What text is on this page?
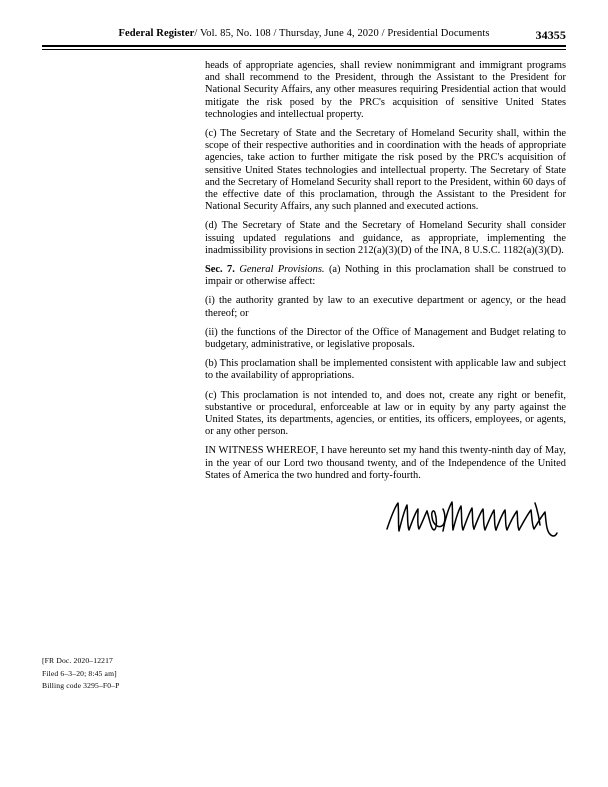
Federal Register/ Vol. 85, No. 108 / Thursday, June 4, 2020 / Presidential Documents	34355

heads of appropriate agencies, shall review nonimmigrant and immigrant programs and shall recommend to the President, through the Assistant to the President for National Security Affairs, any other measures requiring Presidential action that would mitigate the risk posed by the PRC's acquisition of sensitive United States technologies and intellectual property.

(c) The Secretary of State and the Secretary of Homeland Security shall, within the scope of their respective authorities and in coordination with the heads of appropriate agencies, take action to further mitigate the risk posed by the PRC's acquisition of sensitive United States technologies and intellectual property. The Secretary of State and the Secretary of Homeland Security shall report to the President, within 60 days of the effective date of this proclamation, through the Assistant to the President for National Security Affairs, any such planned and executed actions.

(d) The Secretary of State and the Secretary of Homeland Security shall consider issuing updated regulations and guidance, as appropriate, implementing the inadmissibility provisions in section 212(a)(3)(D) of the INA, 8 U.S.C. 1182(a)(3)(D).

Sec. 7. General Provisions. (a) Nothing in this proclamation shall be construed to impair or otherwise affect:

(i) the authority granted by law to an executive department or agency, or the head thereof; or

(ii) the functions of the Director of the Office of Management and Budget relating to budgetary, administrative, or legislative proposals.

(b) This proclamation shall be implemented consistent with applicable law and subject to the availability of appropriations.

(c) This proclamation is not intended to, and does not, create any right or benefit, substantive or procedural, enforceable at law or in equity by any party against the United States, its departments, agencies, or entities, its officers, employees, or agents, or any other person.

IN WITNESS WHEREOF, I have hereunto set my hand this twenty-ninth day of May, in the year of our Lord two thousand twenty, and of the Independence of the United States of America the two hundred and forty-fourth.

[FR Doc. 2020–12217
Filed 6–3–20; 8:45 am]
Billing code 3295–F0–P
